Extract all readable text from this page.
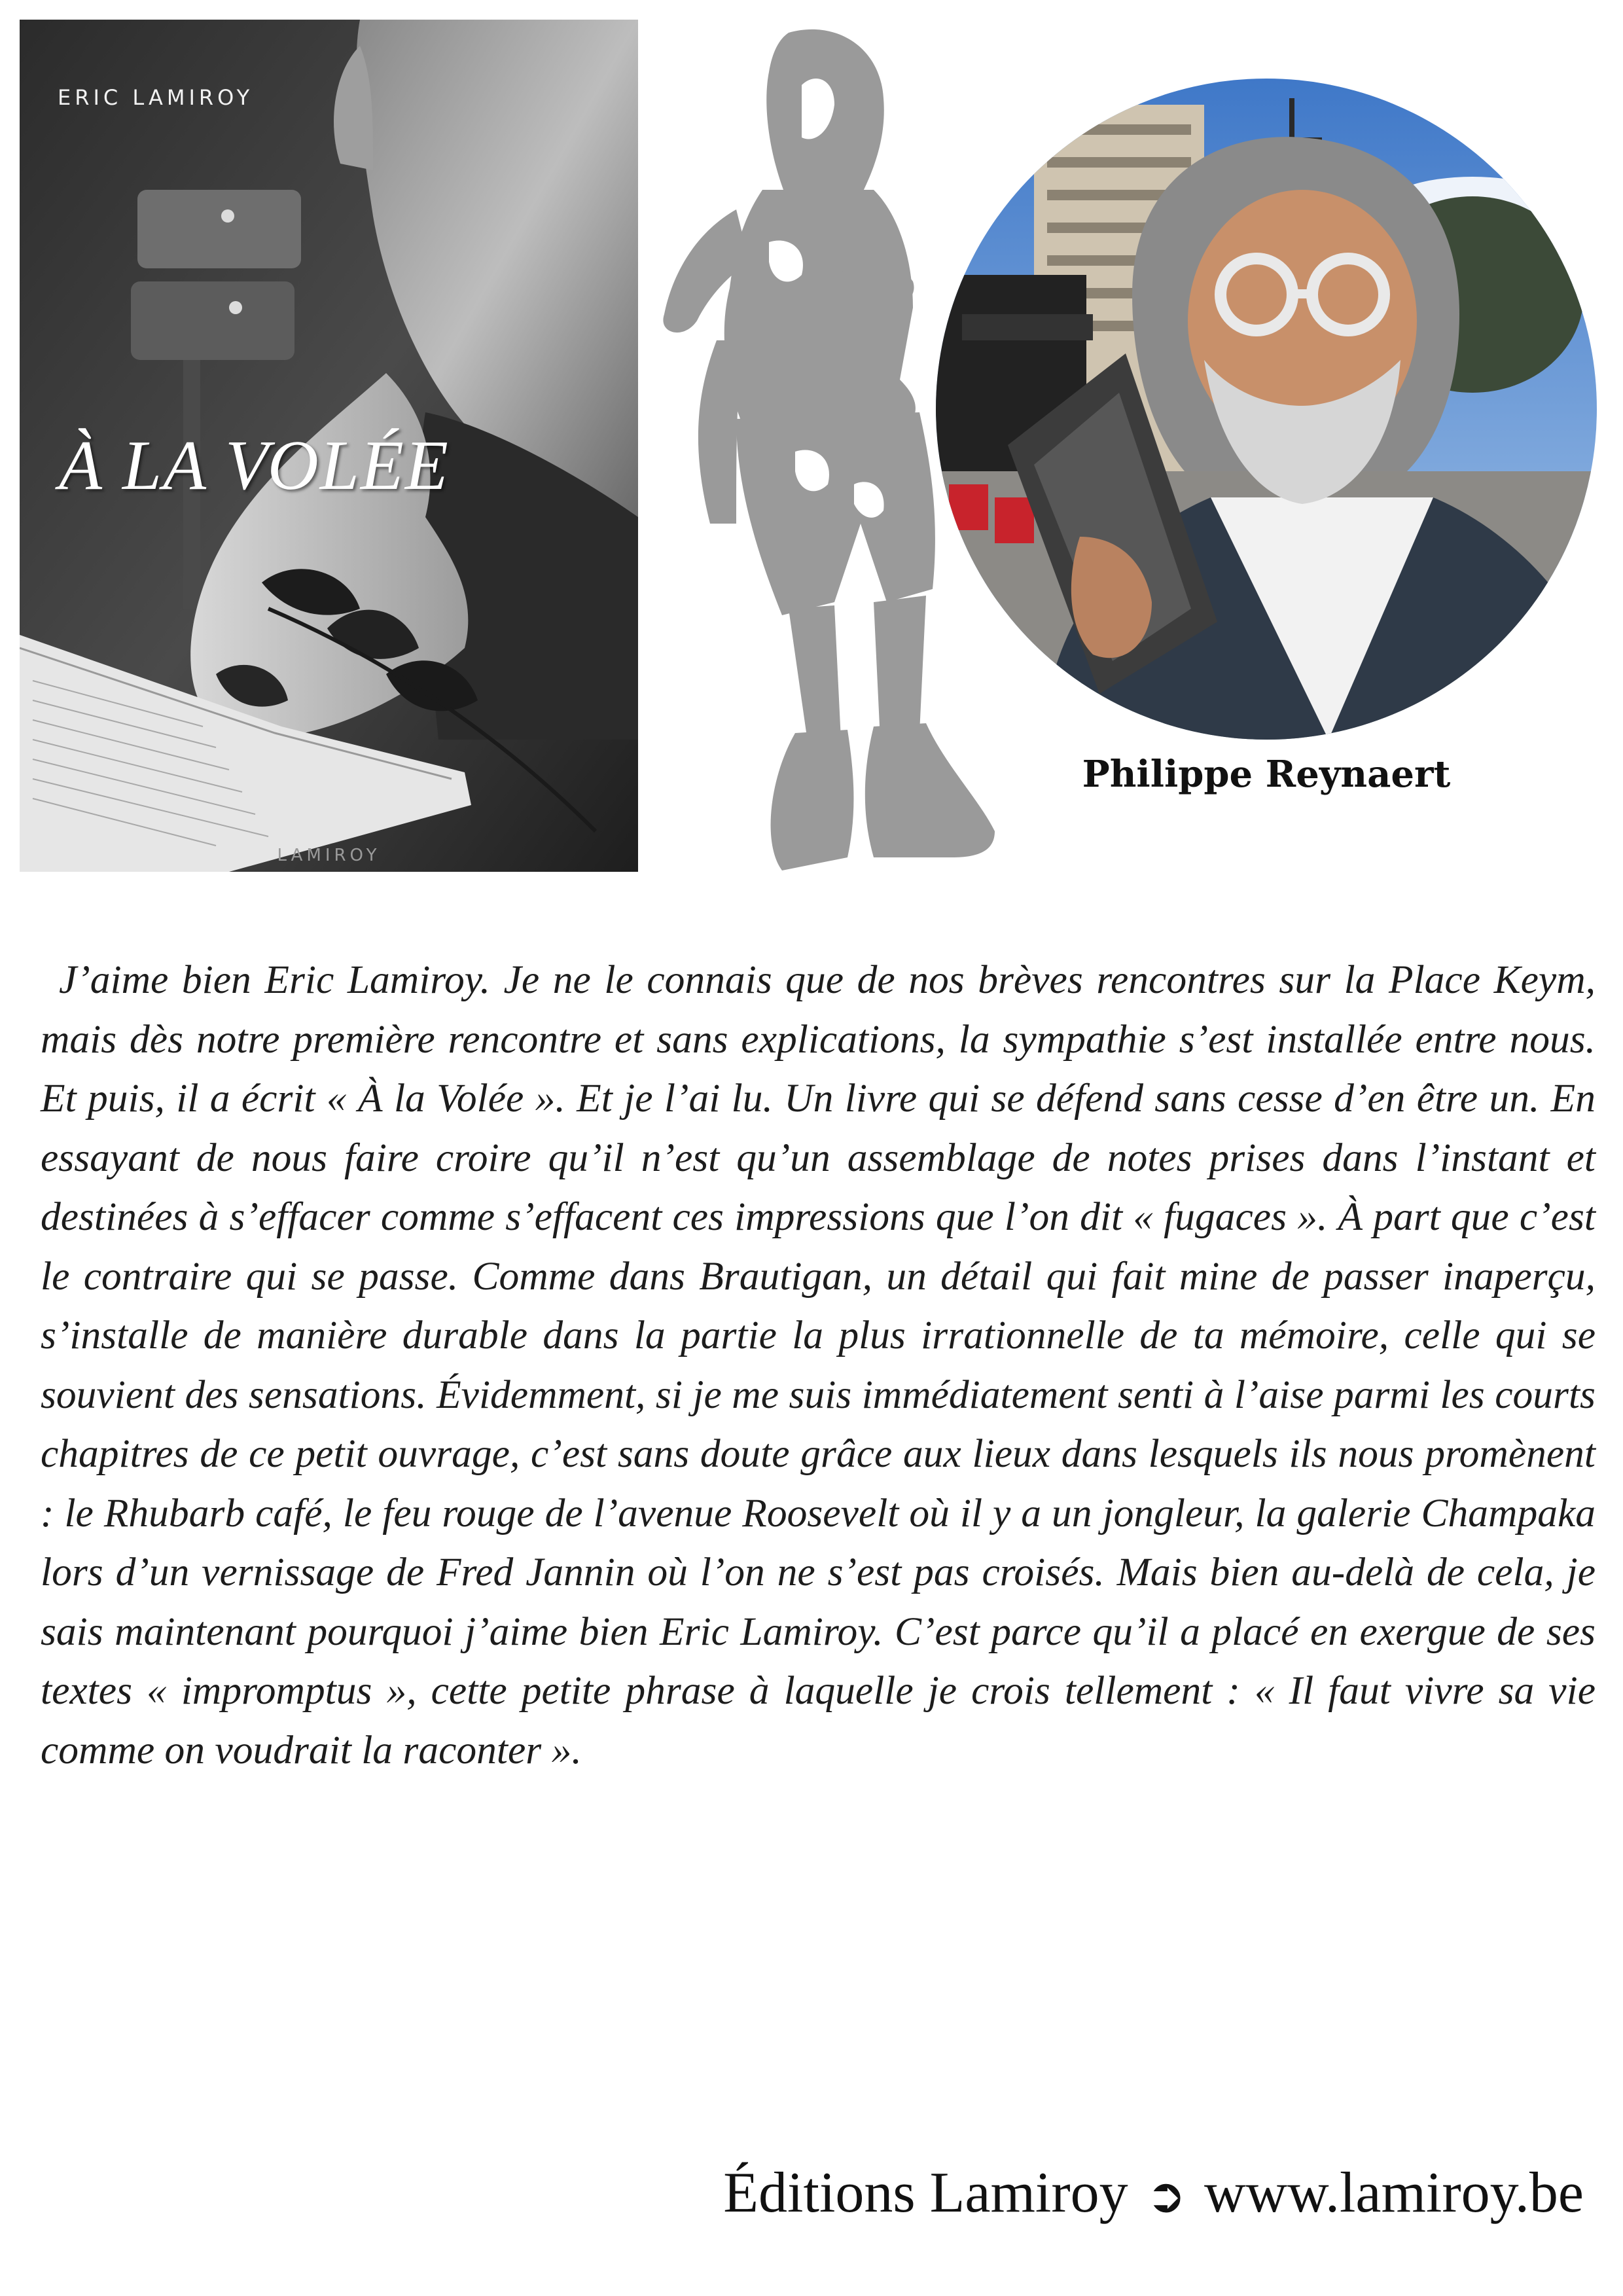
ERIC LAMIROY
À LA VOLÉE
LAMIROY
Philippe Reynaert

J’aime bien Eric Lamiroy. Je ne le connais que de nos brèves rencontres sur la Place Keym, mais dès notre première rencontre et sans explications, la sympathie s’est installée entre nous. Et puis, il a écrit « À la Volée ». Et je l’ai lu. Un livre qui se défend sans cesse d’en être un. En essayant de nous faire croire qu’il n’est qu’un assemblage de notes prises dans l’instant et destinées à s’effacer comme s’effacent ces impressions que l’on dit « fugaces ». À part que c’est le contraire qui se passe. Comme dans Brautigan, un détail qui fait mine de passer inaperçu, s’installe de manière durable dans la partie la plus irrationnelle de ta mémoire, celle qui se souvient des sensations. Évidemment, si je me suis immédiatement senti à l’aise parmi les courts chapitres de ce petit ouvrage, c’est sans doute grâce aux lieux dans lesquels ils nous promènent : le Rhubarb café, le feu rouge de l’avenue Roosevelt où il y a un jongleur, la galerie Champaka lors d’un vernissage de Fred Jannin où l’on ne s’est pas croisés. Mais bien au-delà de cela, je sais maintenant pourquoi j’aime bien Eric Lamiroy. C’est parce qu’il a placé en exergue de ses textes « impromptus », cette petite phrase à laquelle je crois tellement : « Il faut vivre sa vie comme on voudrait la raconter ».

Éditions Lamiroy ➲ www.lamiroy.be
